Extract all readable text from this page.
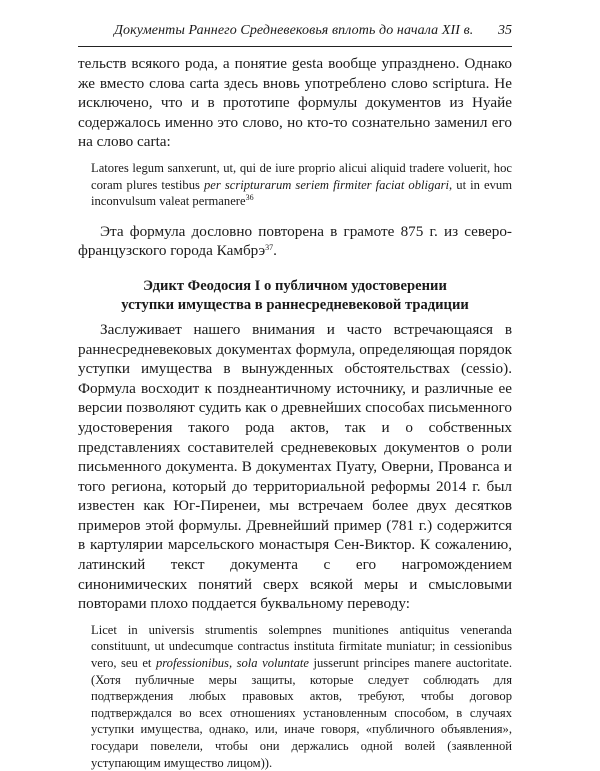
Документы Раннего Средневековья вплоть до начала XII в. 35

тельств всякого рода, а понятие gesta вообще упразднено. Однако же вместо слова carta здесь вновь употреблено слово scriptura. Не исключено, что и в прототипе формулы документов из Нуайе содержалось именно это слово, но кто-то сознательно заменил его на слово carta:

Latores legum sanxerunt, ut, qui de iure proprio alicui aliquid tradere voluerit, hoc coram plures testibus per scripturarum seriem firmiter faciat obligari, ut in evum inconvulsum valeat permanere$^{36}$

Эта формула дословно повторена в грамоте 875 г. из северо-французского города Камбрэ$^{37}$.

Эдикт Феодосия I о публичном удостоверении

уступки имущества в раннесредневековой традиции

Заслуживает нашего внимания и часто встречающаяся в раннесредневековых документах формула, определяющая порядок уступки имущества в вынужденных обстоятельствах (cessio). Формула восходит к позднеантичному источнику, и различные ее версии позволяют судить как о древнейших способах письменного удостоверения такого рода актов, так и о собственных представлениях составителей средневековых документов о роли письменного документа. В документах Пуату, Оверни, Прованса и того региона, который до территориальной реформы 2014 г. был известен как Юг-Пиренеи, мы встречаем более двух десятков примеров этой формулы. Древнейший пример (781 г.) содержится в картулярии марсельского монастыря Сен-Виктор. К сожалению, латинский текст документа с его нагромождением синонимических понятий сверх всякой меры и смысловыми повторами плохо поддается буквальному переводу:

Licet in universis strumentis solempnes munitiones antiquitus veneranda constituunt, ut undecumque contractus instituta firmitate muniatur; in cessionibus vero, seu et professionibus, sola voluntate jusserunt principes manere auctoritate. (Хотя публичные меры защиты, которые следует соблюдать для подтверждения любых правовых актов, требуют, чтобы договор подтверждался во всех отношениях установленным способом, в случаях уступки имущества, однако, или, иначе говоря, «публичного объявления», государи повелели, чтобы они держались одной волей (заявленной уступающим имущество лицом)).
